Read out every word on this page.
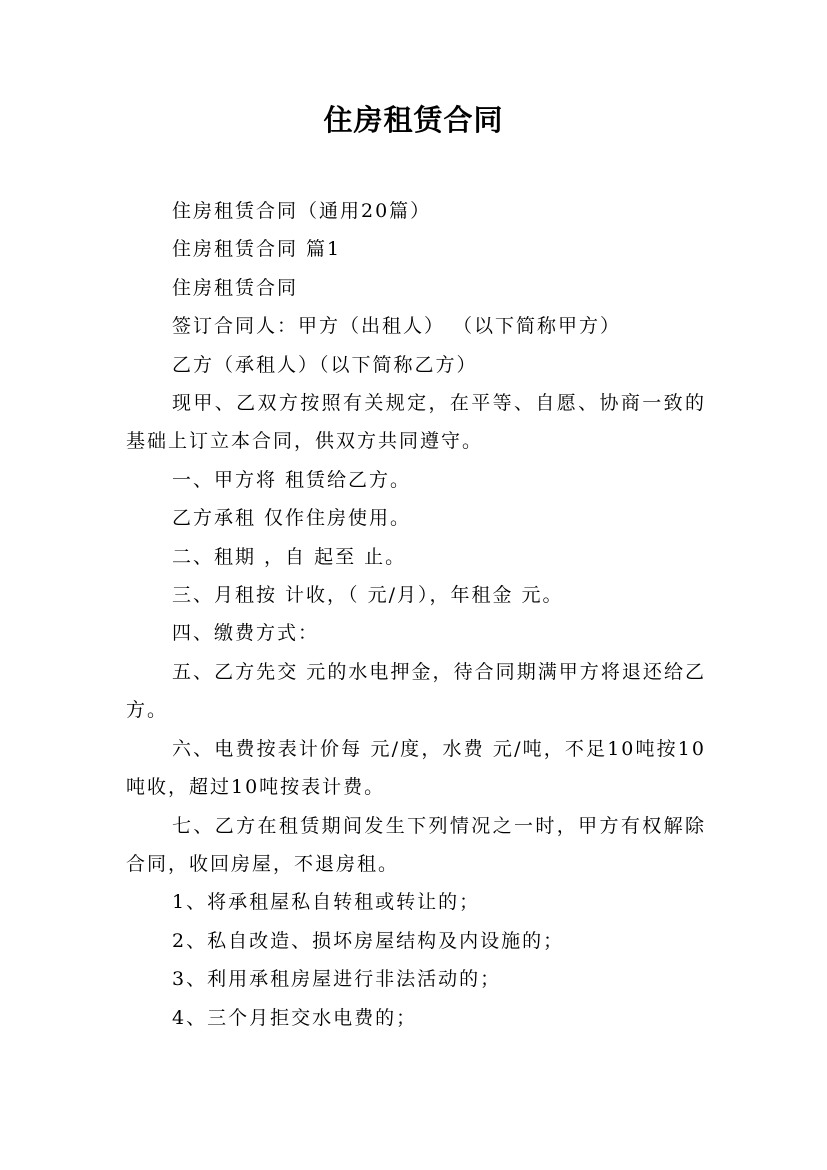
住房租赁合同

住房租赁合同（通用20篇）

住房租赁合同 篇1

住房租赁合同

签订合同人：甲方（出租人） （以下简称甲方）

乙方（承租人）（以下简称乙方）

现甲、乙双方按照有关规定，在平等、自愿、协商一致的基础上订立本合同，供双方共同遵守。

一、甲方将 租赁给乙方。

乙方承租 仅作住房使用。

二、租期 ，自 起至 止。

三、月租按 计收，（ 元/月），年租金 元。

四、缴费方式：

五、乙方先交 元的水电押金，待合同期满甲方将退还给乙方。

六、电费按表计价每 元/度，水费 元/吨，不足10吨按10吨收，超过10吨按表计费。

七、乙方在租赁期间发生下列情况之一时，甲方有权解除合同，收回房屋，不退房租。

1、将承租屋私自转租或转让的；

2、私自改造、损坏房屋结构及内设施的；

3、利用承租房屋进行非法活动的；

4、三个月拒交水电费的；
